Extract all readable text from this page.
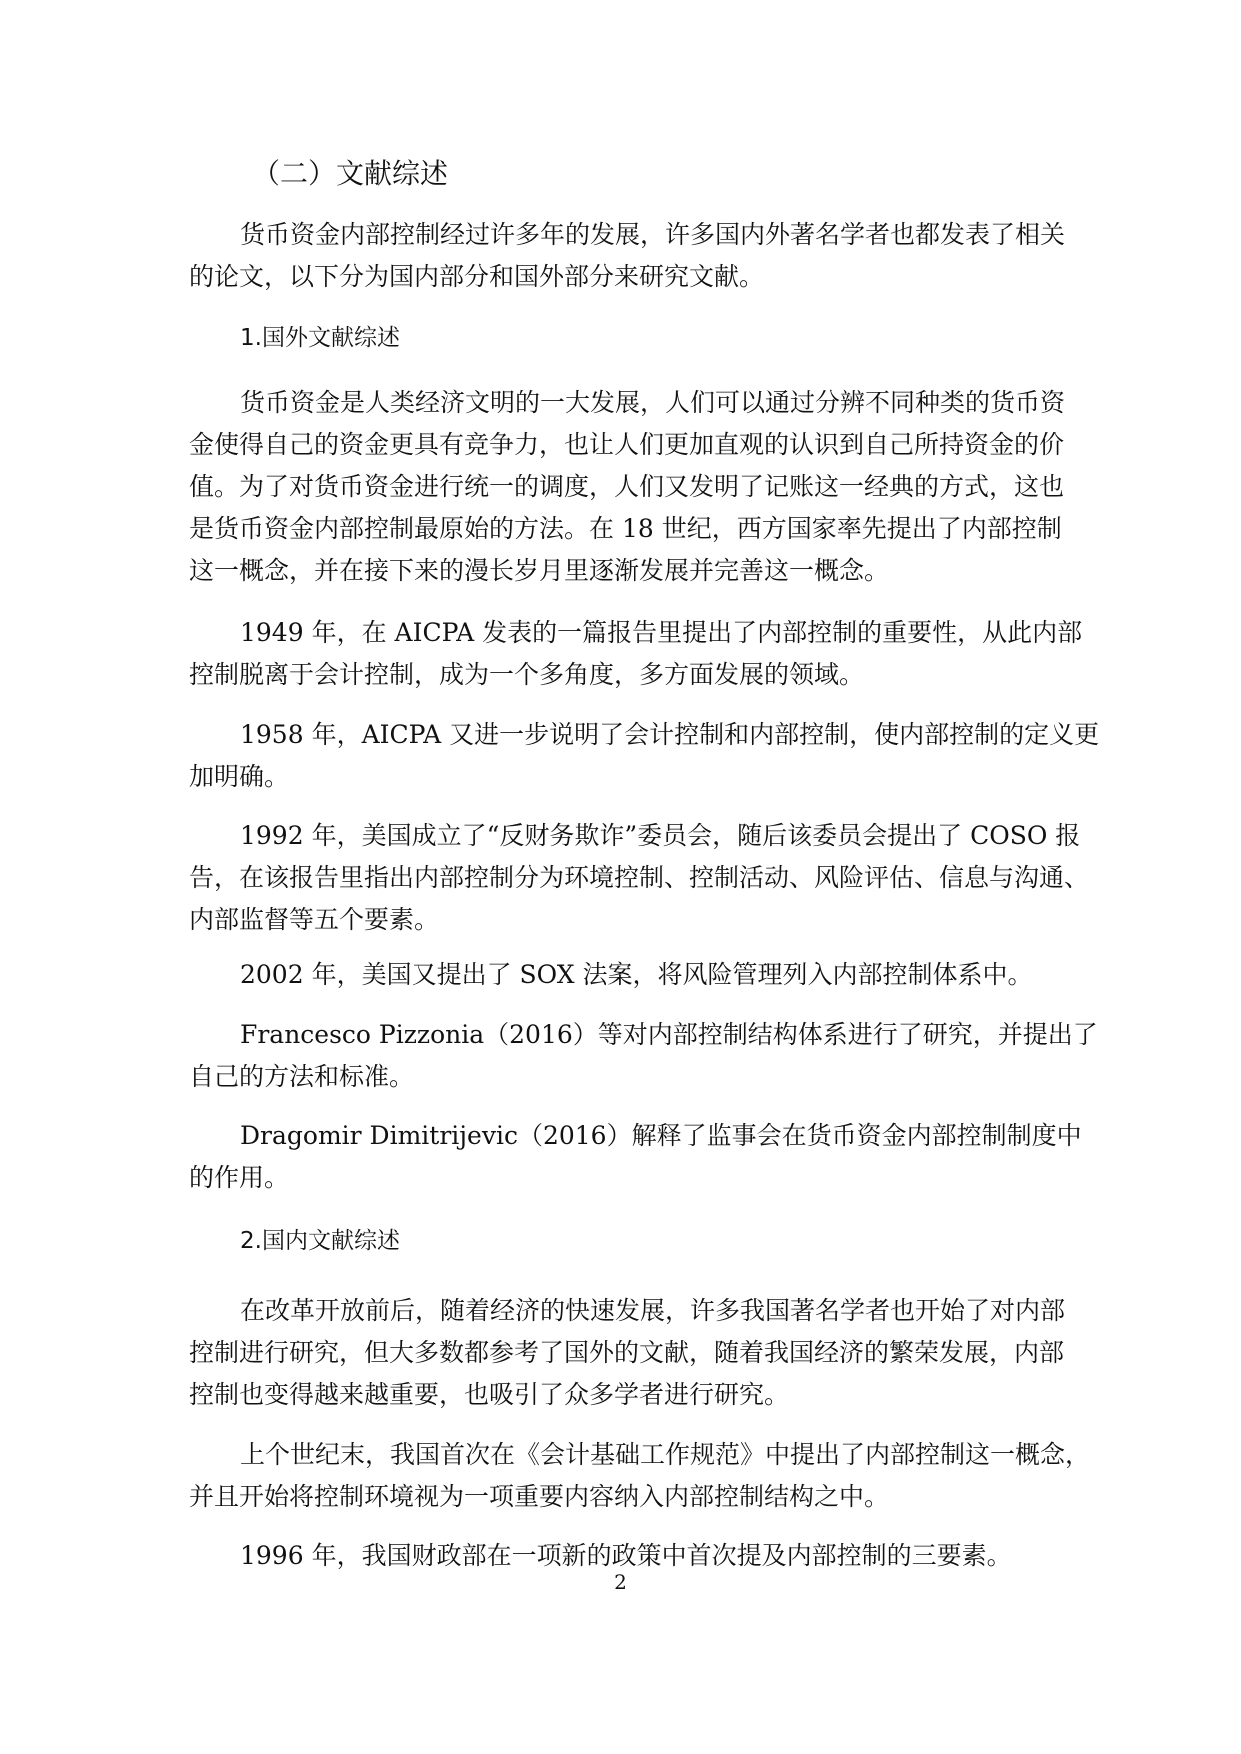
（二）文献综述
货币资金内部控制经过许多年的发展，许多国内外著名学者也都发表了相关
的论文，以下分为国内部分和国外部分来研究文献。
1.国外文献综述
货币资金是人类经济文明的一大发展，人们可以通过分辨不同种类的货币资
金使得自己的资金更具有竞争力，也让人们更加直观的认识到自己所持资金的价
值。为了对货币资金进行统一的调度，人们又发明了记账这一经典的方式，这也
是货币资金内部控制最原始的方法。在 18 世纪，西方国家率先提出了内部控制
这一概念，并在接下来的漫长岁月里逐渐发展并完善这一概念。
1949 年，在 AICPA 发表的一篇报告里提出了内部控制的重要性，从此内部
控制脱离于会计控制，成为一个多角度，多方面发展的领域。
1958 年，AICPA 又进一步说明了会计控制和内部控制，使内部控制的定义更
加明确。
1992 年，美国成立了“反财务欺诈”委员会，随后该委员会提出了 COSO 报
告，在该报告里指出内部控制分为环境控制、控制活动、风险评估、信息与沟通、
内部监督等五个要素。
2002 年，美国又提出了 SOX 法案，将风险管理列入内部控制体系中。
Francesco Pizzonia（2016）等对内部控制结构体系进行了研究，并提出了
自己的方法和标准。
Dragomir Dimitrijevic（2016）解释了监事会在货币资金内部控制制度中
的作用。
2.国内文献综述
在改革开放前后，随着经济的快速发展，许多我国著名学者也开始了对内部
控制进行研究，但大多数都参考了国外的文献，随着我国经济的繁荣发展，内部
控制也变得越来越重要，也吸引了众多学者进行研究。
上个世纪末，我国首次在《会计基础工作规范》中提出了内部控制这一概念，
并且开始将控制环境视为一项重要内容纳入内部控制结构之中。
1996 年，我国财政部在一项新的政策中首次提及内部控制的三要素。
2
